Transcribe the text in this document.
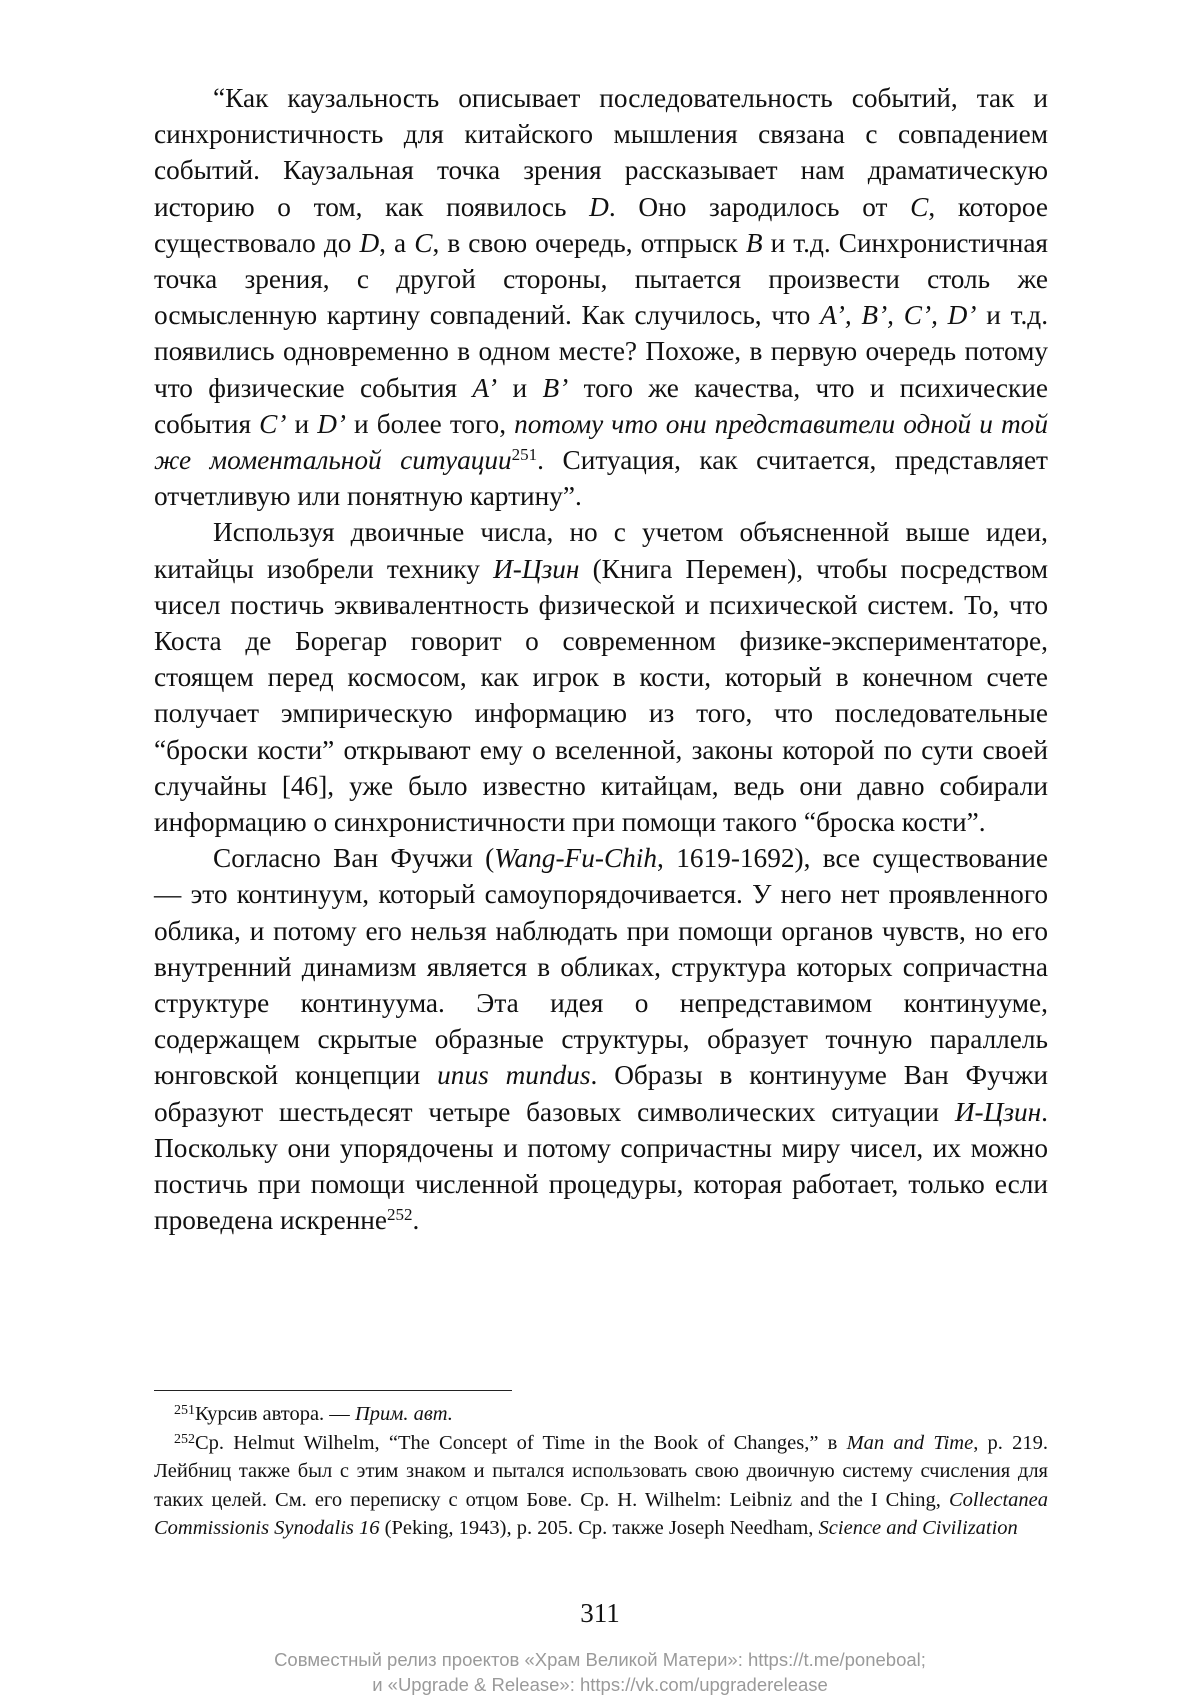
“Как каузальность описывает последовательность событий, так и синхронистичность для китайского мышления связана с совпадением событий. Каузальная точка зрения рассказывает нам драматическую историю о том, как появилось D. Оно зародилось от C, которое существовало до D, а C, в свою очередь, отпрыск B и т.д. Синхронистичная точка зрения, с другой стороны, пытается произвести столь же осмысленную картину совпадений. Как случилось, что A’, B’, C’, D’ и т.д. появились одновременно в одном месте? Похоже, в первую очередь потому что физические события A’ и B’ того же качества, что и психические события C’ и D’ и более того, потому что они представители одной и той же моментальной ситуации$^{251}$. Ситуация, как считается, представляет отчетливую или понятную картину”.

Используя двоичные числа, но с учетом объясненной выше идеи, китайцы изобрели технику И-Цзин (Книга Перемен), чтобы посредством чисел постичь эквивалентность физической и психической систем. То, что Коста де Борегар говорит о современном физике-экспериментаторе, стоящем перед космосом, как игрок в кости, который в конечном счете получает эмпирическую информацию из того, что последовательные “броски кости” открывают ему о вселенной, законы которой по сути своей случайны [46], уже было известно китайцам, ведь они давно собирали информацию о синхронистичности при помощи такого “броска кости”.

Согласно Ван Фучжи (Wang-Fu-Chih, 1619-1692), все существование — это континуум, который самоупорядочивается. У него нет проявленного облика, и потому его нельзя наблюдать при помощи органов чувств, но его внутренний динамизм является в обликах, структура которых сопричастна структуре континуума. Эта идея о непредставимом континууме, содержащем скрытые образные структуры, образует точную параллель юнговской концепции unus mundus. Образы в континууме Ван Фучжи образуют шестьдесят четыре базовых символических ситуации И-Цзин. Поскольку они упорядочены и потому сопричастны миру чисел, их можно постичь при помощи численной процедуры, которая работает, только если проведена искренне$^{252}$.

$^{251}$Курсив автора. — Прим. авт.

$^{252}$Ср. Helmut Wilhelm, “The Concept of Time in the Book of Changes,” в Man and Time, p. 219. Лейбниц также был с этим знаком и пытался использовать свою двоичную систему счисления для таких целей. См. его переписку с отцом Бове. Ср. H. Wilhelm: Leibniz and the I Ching, Collectanea Commissionis Synodalis 16 (Peking, 1943), p. 205. Ср. также Joseph Needham, Science and Civilization

311
Совместный релиз проектов «Храм Великой Матери»: https://t.me/poneboal;
и «Upgrade & Release»: https://vk.com/upgraderelease
